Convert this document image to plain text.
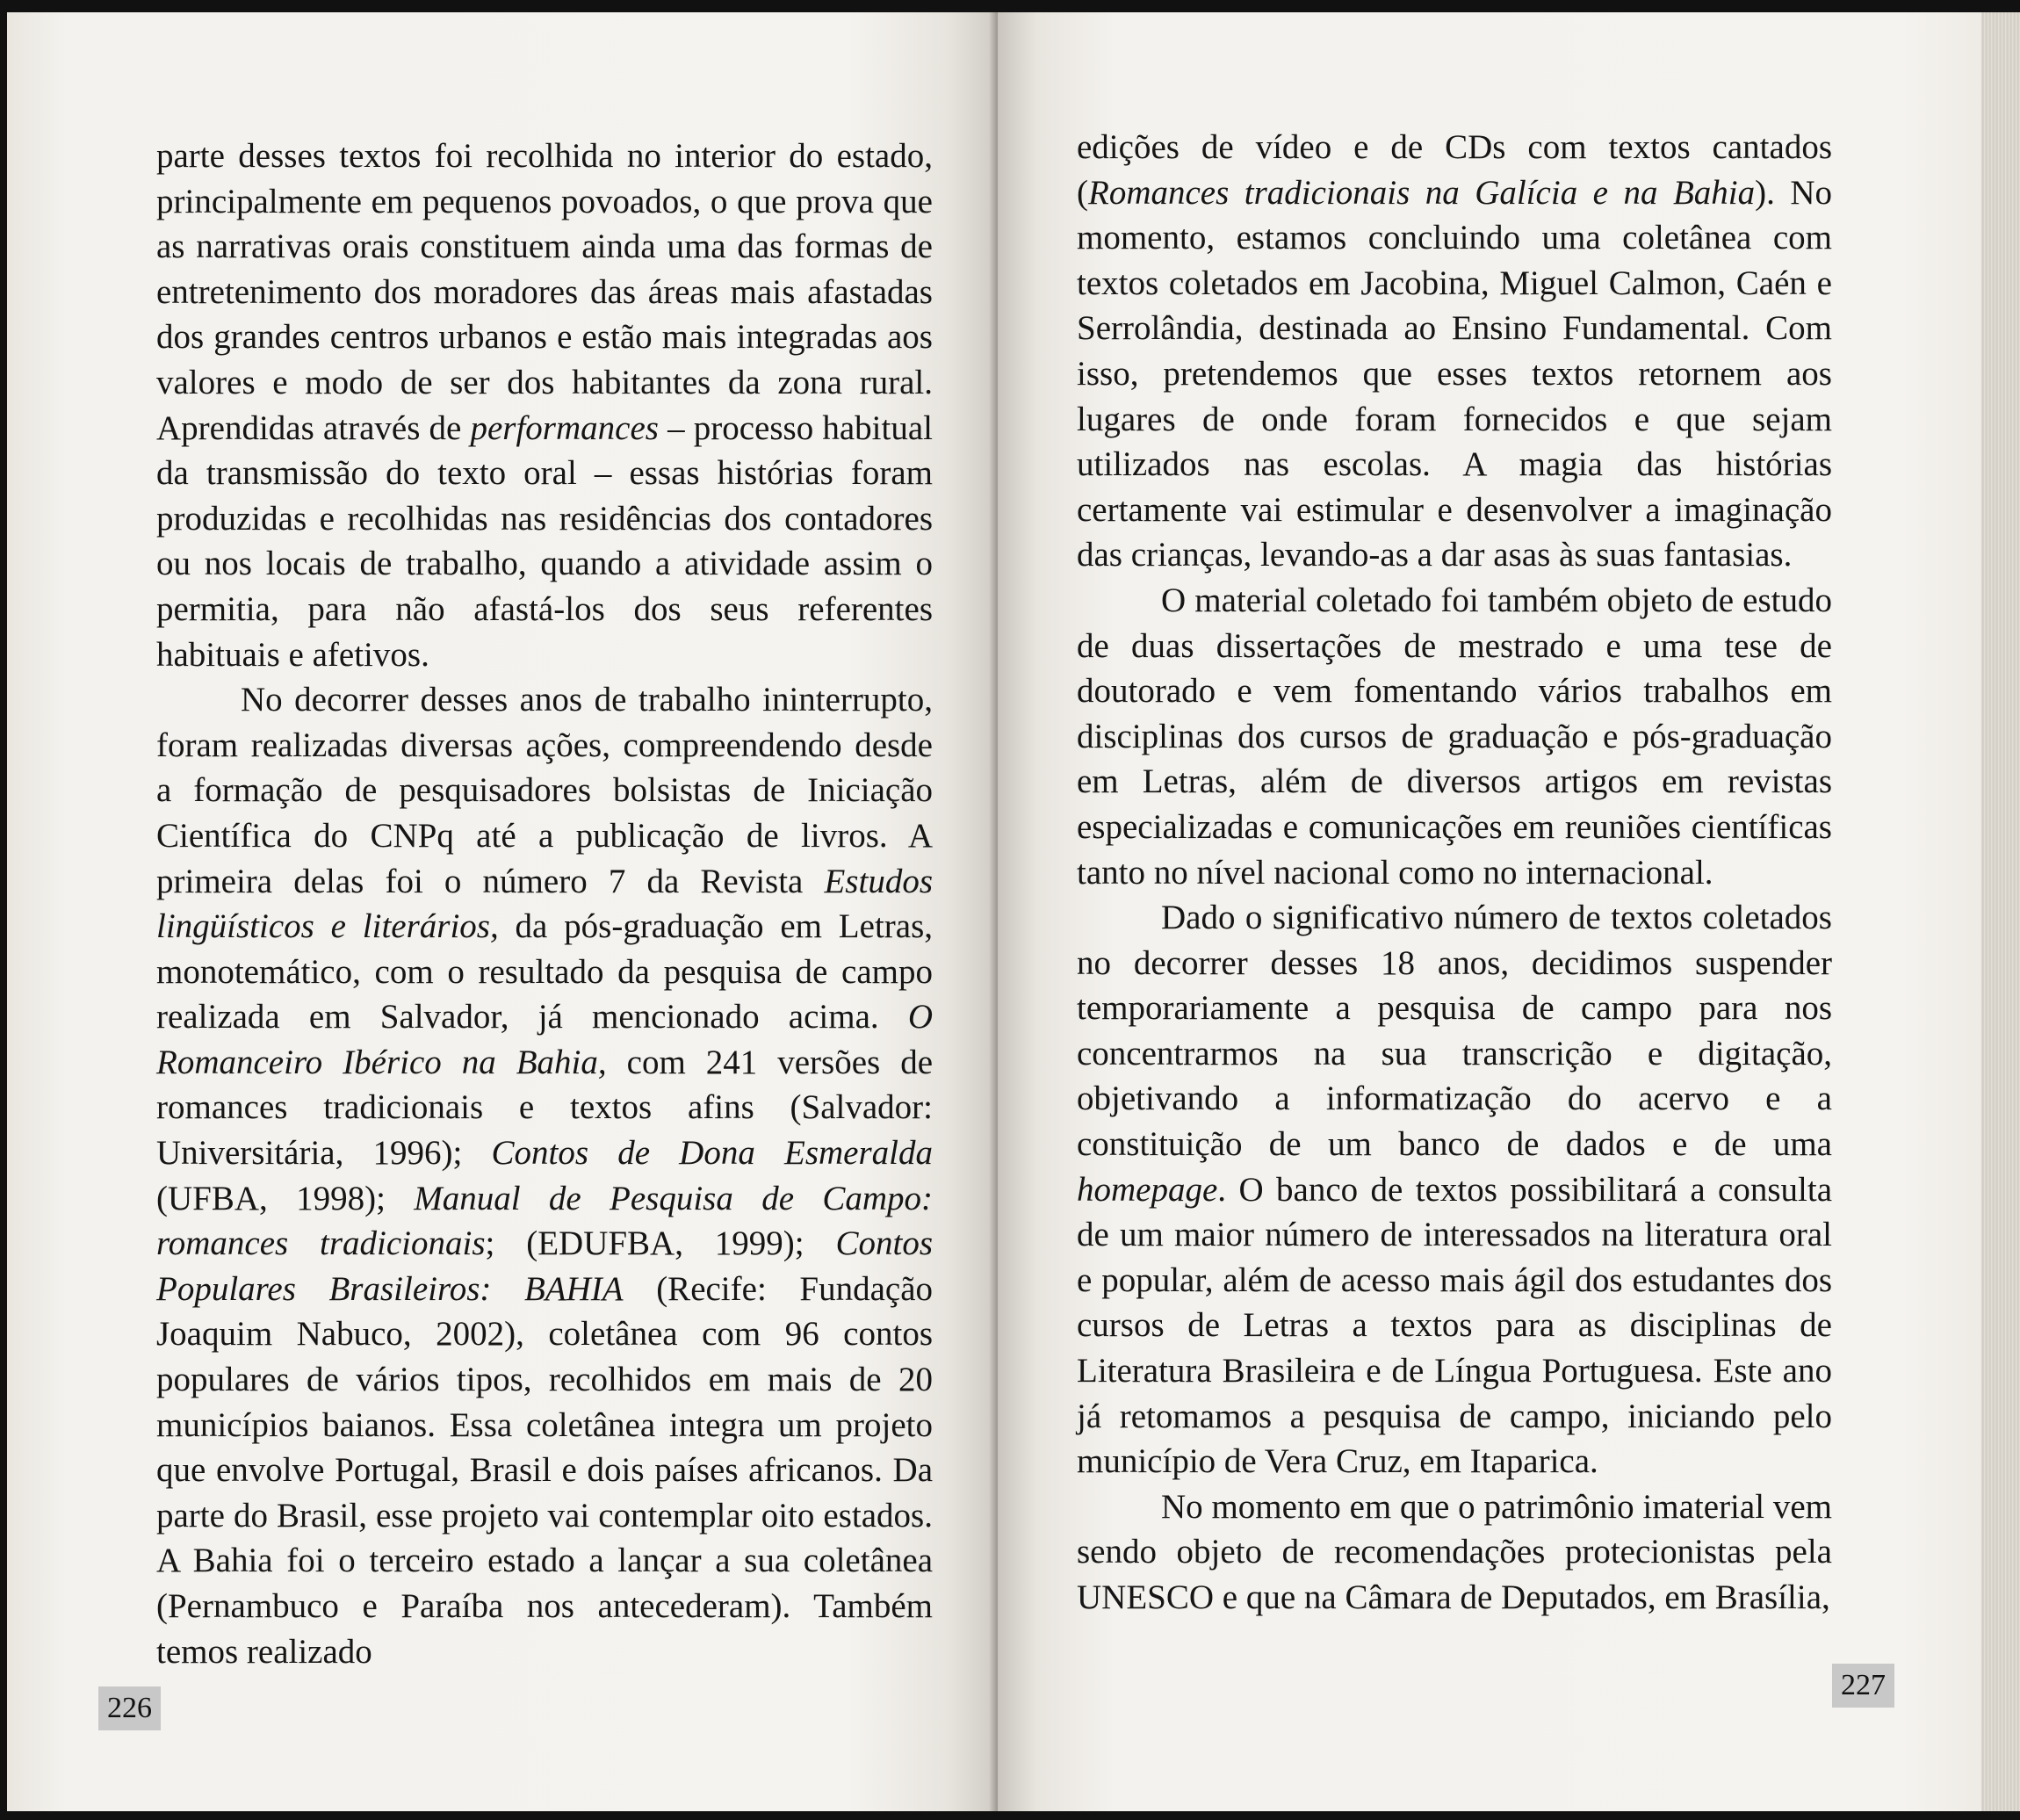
parte desses textos foi recolhida no interior do estado, principalmente em pequenos povoados, o que prova que as narrativas orais constituem ainda uma das formas de entretenimento dos moradores das áreas mais afastadas dos grandes centros urbanos e estão mais integradas aos valores e modo de ser dos habitantes da zona rural. Aprendidas através de performances – processo habitual da transmissão do texto oral – essas histórias foram produzidas e recolhidas nas residências dos contadores ou nos locais de trabalho, quando a atividade assim o permitia, para não afastá-los dos seus referentes habituais e afetivos.

No decorrer desses anos de trabalho ininterrupto, foram realizadas diversas ações, compreendendo desde a formação de pesquisadores bolsistas de Iniciação Científica do CNPq até a publicação de livros. A primeira delas foi o número 7 da Revista Estudos lingüísticos e literários, da pós-graduação em Letras, monotemático, com o resultado da pesquisa de campo realizada em Salvador, já mencionado acima. O Romanceiro Ibérico na Bahia, com 241 versões de romances tradicionais e textos afins (Salvador: Universitária, 1996); Contos de Dona Esmeralda (UFBA, 1998); Manual de Pesquisa de Campo: romances tradicionais; (EDUFBA, 1999); Contos Populares Brasileiros: BAHIA (Recife: Fundação Joaquim Nabuco, 2002), coletânea com 96 contos populares de vários tipos, recolhidos em mais de 20 municípios baianos. Essa coletânea integra um projeto que envolve Portugal, Brasil e dois países africanos. Da parte do Brasil, esse projeto vai contemplar oito estados. A Bahia foi o terceiro estado a lançar a sua coletânea (Pernambuco e Paraíba nos antecederam). Também temos realizado

226

edições de vídeo e de CDs com textos cantados (Romances tradicionais na Galícia e na Bahia). No momento, estamos concluindo uma coletânea com textos coletados em Jacobina, Miguel Calmon, Caén e Serrolândia, destinada ao Ensino Fundamental. Com isso, pretendemos que esses textos retornem aos lugares de onde foram fornecidos e que sejam utilizados nas escolas. A magia das histórias certamente vai estimular e desenvolver a imaginação das crianças, levando-as a dar asas às suas fantasias.

O material coletado foi também objeto de estudo de duas dissertações de mestrado e uma tese de doutorado e vem fomentando vários trabalhos em disciplinas dos cursos de graduação e pós-graduação em Letras, além de diversos artigos em revistas especializadas e comunicações em reuniões científicas tanto no nível nacional como no internacional.

Dado o significativo número de textos coletados no decorrer desses 18 anos, decidimos suspender temporariamente a pesquisa de campo para nos concentrarmos na sua transcrição e digitação, objetivando a informatização do acervo e a constituição de um banco de dados e de uma homepage. O banco de textos possibilitará a consulta de um maior número de interessados na literatura oral e popular, além de acesso mais ágil dos estudantes dos cursos de Letras a textos para as disciplinas de Literatura Brasileira e de Língua Portuguesa. Este ano já retomamos a pesquisa de campo, iniciando pelo município de Vera Cruz, em Itaparica.

No momento em que o patrimônio imaterial vem sendo objeto de recomendações protecionistas pela UNESCO e que na Câmara de Deputados, em Brasília,

227
